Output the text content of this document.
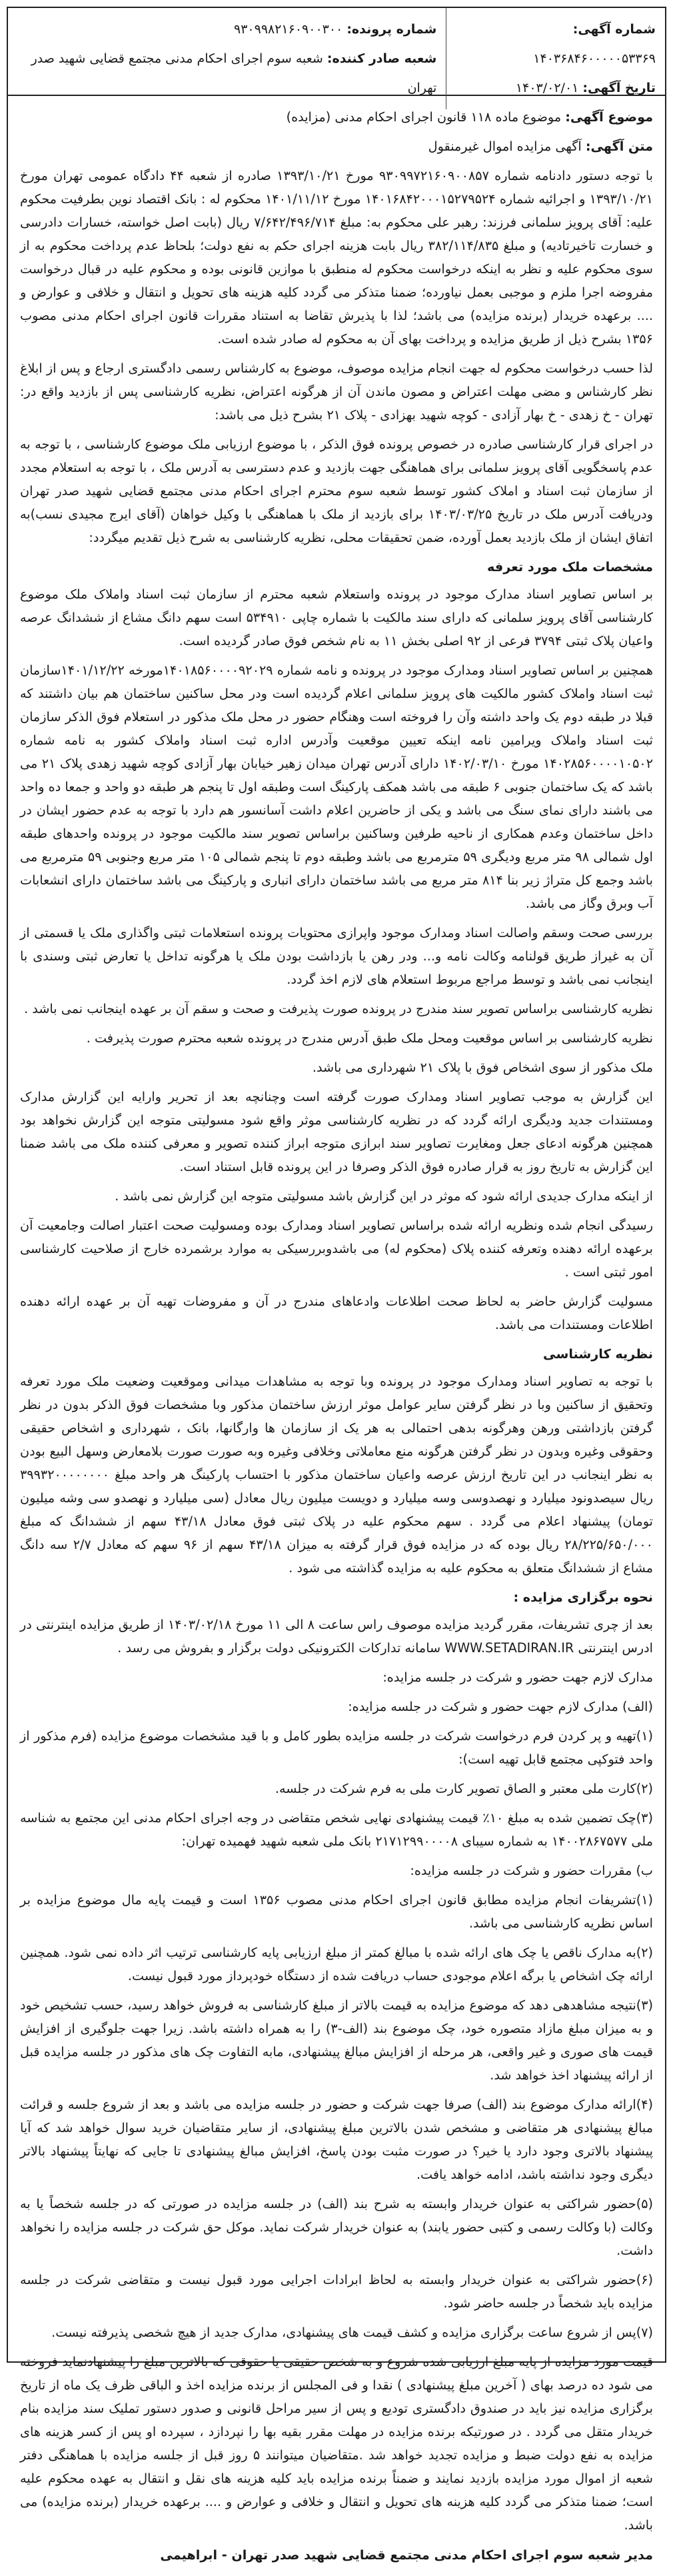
شماره آگهی: ۱۴۰۳۶۸۴۶۰۰۰۰۰۵۳۳۶۹
تاریخ آگهی: ۱۴۰۳/۰۲/۰۱
شماره پرونده: ۹۳۰۹۹۸۲۱۶۰۹۰۰۳۰۰
شعبه صادر کننده: شعبه سوم اجرای احکام مدنی مجتمع قضایی شهید صدر تهران

موضوع آگهی: موضوع ماده ۱۱۸ قانون اجرای احکام مدنی (مزایده)

متن آگهی: آگهی مزایده اموال غیرمنقول

با توجه دستور دادنامه شماره ۹۳۰۹۹۷۲۱۶۰۹۰۰۸۵۷ مورخ ۱۳۹۳/۱۰/۲۱ صادره از شعبه ۴۴ دادگاه عمومی تهران مورخ ۱۳۹۳/۱۰/۲۱ و اجرائیه شماره ۱۴۰۱۶۸۴۲۰۰۰۱۵۲۷۹۵۲۴ مورخ ۱۴۰۱/۱۱/۱۲ محکوم له : بانک اقتصاد نوین بطرفیت محکوم علیه: آقای پرویز سلمانی فرزند: رهبر علی محکوم به: مبلغ ۷/۶۴۲/۴۹۶/۷۱۴ ریال (بابت اصل خواسته، خسارات دادرسی و خسارت تاخیرتادیه) و مبلغ ۳۸۲/۱۱۴/۸۳۵ ریال بابت هزینه اجرای حکم به نفع دولت؛ بلحاظ عدم پرداخت محکوم به از سوی محکوم علیه و نظر به اینکه درخواست محکوم له منطبق با موازین قانونی بوده و محکوم علیه در قبال درخواست مفروضه اجرا ملزم و موجبی بعمل نیاورده؛ ضمنا متذکر می گردد کلیه هزینه های تحویل و انتقال و خلافی و عوارض و .... برعهده خریدار (برنده مزایده) می باشد؛ لذا با پذیرش تقاضا به استناد مقررات قانون اجرای احکام مدنی مصوب ۱۳۵۶ بشرح ذیل از طریق مزایده و پرداخت بهای آن به محکوم له صادر شده است.

لذا حسب درخواست محکوم له جهت انجام مزایده موصوف، موضوع به کارشناس رسمی دادگستری ارجاع و پس از ابلاغ نظر کارشناس و مضی مهلت اعتراض و مصون ماندن آن از هرگونه اعتراض، نظریه کارشناسی پس از بازدید واقع در: تهران - خ زهدی - خ بهار آزادی - کوچه شهید بهزادی - پلاک ۲۱ بشرح ذیل می باشد:

در اجرای قرار کارشناسی صادره در خصوص پرونده فوق الذکر ، با موضوع ارزیابی ملک موضوع کارشناسی ، با توجه به عدم پاسخگویی آقای پرویز سلمانی برای هماهنگی جهت بازدید و عدم دسترسی به آدرس ملک ، با توجه به استعلام مجدد از سازمان ثبت اسناد و املاک کشور توسط شعبه سوم محترم اجرای احکام مدنی مجتمع قضایی شهید صدر تهران ودریافت آدرس ملک در تاریخ ۱۴۰۳/۰۳/۲۵ برای بازدید از ملک با هماهنگی با وکیل خواهان (آقای ایرج مجیدی نسب)به اتفاق ایشان از ملک بازدید بعمل آورده، ضمن تحقیقات محلی، نظریه کارشناسی به شرح ذیل تقدیم میگردد:

مشخصات ملک مورد تعرفه

بر اساس تصاویر اسناد مدارک موجود در پرونده واستعلام شعبه محترم از سازمان ثبت اسناد واملاک ملک موضوع کارشناسی آقای پرویز سلمانی که دارای سند مالکیت با شماره چاپی ۵۳۴۹۱۰ است سهم دانگ مشاع از ششدانگ عرصه واعیان پلاک ثبتی ۳۷۹۴ فرعی از ۹۲ اصلی بخش ۱۱ به نام شخص فوق صادر گردیده است.

همچنین بر اساس تصاویر اسناد ومدارک موجود در پرونده و نامه شماره ۱۴۰۱۸۵۶۰۰۰۰۹۲۰۲۹مورخه ۱۴۰۱/۱۲/۲۲سازمان ثبت اسناد واملاک کشور مالکیت های پرویز سلمانی اعلام گردیده است ودر محل ساکنین ساختمان هم بیان داشتند که قبلا در طبقه دوم یک واحد داشته وآن را فروخته است وهنگام حضور در محل ملک مذکور در استعلام فوق الذکر سازمان ثبت اسناد واملاک ویرامین نامه اینکه تعیین موقعیت وآدرس اداره ثبت اسناد واملاک کشور به نامه شماره ۱۴۰۲۸۵۶۰۰۰۰۱۰۵۰۲ مورخ ۱۴۰۲/۰۳/۱۰ دارای آدرس تهران میدان زهیر خیابان بهار آزادی کوچه شهید زهدی پلاک ۲۱ می باشد که یک ساختمان جنوبی ۶ طبقه می باشد همکف پارکینگ است وطبقه اول تا پنجم هر طبقه دو واحد و جمعا ده واحد می باشند دارای نمای سنگ می باشد و یکی از حاضرین اعلام داشت آسانسور هم دارد با توجه به عدم حضور ایشان در داخل ساختمان وعدم همکاری از ناحیه طرفین وساکنین براساس تصویر سند مالکیت موجود در پرونده واحدهای طبقه اول شمالی ۹۸ متر مربع ودیگری ۵۹ مترمربع می باشد وطبقه دوم تا پنجم شمالی ۱۰۵ متر مربع وجنوبی ۵۹ مترمربع می باشد وجمع کل متراژ زیر بنا ۸۱۴ متر مربع می باشد ساختمان دارای انباری و پارکینگ می باشد ساختمان دارای انشعابات آب وبرق وگاز می باشد.

بررسی صحت وسقم واصالت اسناد ومدارک موجود واپرازی محتویات پرونده استعلامات ثبتی واگذاری ملک یا قسمتی از آن به غیراز طریق قولنامه وکالت نامه و... ودر رهن یا بازداشت بودن ملک یا هرگونه تداخل یا تعارض ثبتی وسندی با اینجانب نمی باشد و توسط مراجع مربوط استعلام های لازم اخذ گردد.

نظریه کارشناسی براساس تصویر سند مندرج در پرونده صورت پذیرفت و صحت و سقم آن بر عهده اینجانب نمی باشد .

نظریه کارشناسی بر اساس موقعیت ومحل ملک طبق آدرس مندرج در پرونده شعبه محترم صورت پذیرفت .

ملک مذکور از سوی اشخاص فوق با پلاک ۲۱ شهرداری می باشد.

این گزارش به موجب تصاویر اسناد ومدارک صورت گرفته است وچنانچه بعد از تحریر وارایه این گزارش مدارک ومستندات جدید ودیگری ارائه گردد که در نظریه کارشناسی موثر واقع شود مسولیتی متوجه این گزارش نخواهد بود همچنین هرگونه ادعای جعل ومغایرت تصاویر سند ابرازی متوجه ابراز کننده تصویر و معرفی کننده ملک می باشد ضمنا این گزارش به تاریخ روز به قرار صادره فوق الذکر وصرفا در این پرونده قابل استناد است.

از اینکه مدارک جدیدی ارائه شود که موثر در این گزارش باشد مسولیتی متوجه این گزارش نمی باشد .

رسیدگی انجام شده ونظریه ارائه شده براساس تصاویر اسناد ومدارک بوده ومسولیت صحت اعتبار اصالت وجامعیت آن برعهده ارائه دهنده وتعرفه کننده پلاک (محکوم له) می باشدوبررسیکی به موارد برشمرده خارج از صلاحیت کارشناسی امور ثبتی است .

مسولیت گزارش حاضر به لحاظ صحت اطلاعات وادعاهای مندرج در آن و مفروضات تهیه آن بر عهده ارائه دهنده اطلاعات ومستندات می باشد.

نظریه کارشناسی

با توجه به تصاویر اسناد ومدارک موجود در پرونده وبا توجه به مشاهدات میدانی وموقعیت وضعیت ملک مورد تعرفه وتحقیق از ساکنین وبا در نظر گرفتن سایر عوامل موثر ارزش ساختمان مذکور وبا مشخصات فوق الذکر بدون در نظر گرفتن بازداشتی ورهن وهرگونه بدهی احتمالی به هر یک از سازمان ها وارگانها، بانک ، شهرداری و اشخاص حقیقی وحقوقی وغیره وبدون در نظر گرفتن هرگونه منع معاملاتی وخلافی وغیره وبه صورت صورت بلامعارض وسهل البیع بودن به نظر اینجانب در این تاریخ ارزش عرصه واعیان ساختمان مذکور با احتساب پارکینگ هر واحد مبلغ ۳۹۹۳۲۰۰۰۰۰۰۰۰ ریال سیصدونود میلیارد و نهصدوسی وسه میلیارد و دویست میلیون ریال معادل (سی میلیارد و نهصدو سی وشه میلیون تومان) پیشنهاد اعلام می گردد . سهم محکوم علیه در پلاک ثبتی فوق معادل ۴۳/۱۸ سهم از ششدانگ که مبلغ ۲۸/۲۲۵/۶۵۰/۰۰۰ ریال بوده که در مزایده فوق قرار گرفته به میزان ۴۳/۱۸ سهم از ۹۶ سهم که معادل ۲/۷ سه دانگ مشاع از ششدانگ متعلق به محکوم علیه به مزایده گذاشته می شود .

نحوه برگزاری مزایده :

بعد از چری تشریفات، مقرر گردید مزایده موصوف راس ساعت ۸ الی ۱۱ مورخ ۱۴۰۳/۰۲/۱۸ از طریق مزایده اینترنتی در ادرس اینترنتی WWW.SETADIRAN.IR سامانه تدارکات الکترونیکی دولت برگزار و بفروش می رسد .

مدارک لازم جهت حضور و شرکت در جلسه مزایده:

(الف) مدارک لازم جهت حضور و شرکت در جلسه مزایده:

(۱)تهیه و پر کردن فرم درخواست شرکت در جلسه مزایده بطور کامل و با قید مشخصات موضوع مزایده (فرم مذکور از واحد فتوکپی مجتمع قابل تهیه است):

(۲)کارت ملی معتبر و الصاق تصویر کارت ملی به فرم شرکت در جلسه.

(۳)چک تضمین شده به مبلغ ۱۰٪ قیمت پیشنهادی نهایی شخص متقاضی در وجه اجرای احکام مدنی این مجتمع به شناسه ملی ۱۴۰۰۲۸۶۷۵۷۷ به شماره سیبای ۲۱۷۱۲۹۹۰۰۰۰۸ بانک ملی شعبه شهید فهمیده تهران:

ب) مقررات حضور و شرکت در جلسه مزایده:

(۱)تشریفات انجام مزایده مطابق قانون اجرای احکام مدنی مصوب ۱۳۵۶ است و قیمت پایه مال موضوع مزایده بر اساس نظریه کارشناسی می باشد.

(۲)به مدارک ناقص یا چک های ارائه شده با مبالغ کمتر از مبلغ ارزیابی پایه کارشناسی ترتیب اثر داده نمی شود. همچنین ارائه چک اشخاص یا برگه اعلام موجودی حساب دریافت شده از دستگاه خودپرداز مورد قبول نیست.

(۳)نتیجه مشاهدهی دهد که موضوع مزایده به قیمت بالاتر از مبلغ کارشناسی به فروش خواهد رسید، حسب تشخیص خود و به میزان مبلغ مازاد متصوره خود، چک موضوع بند (الف-۳) را به همراه داشته باشد. زیرا جهت جلوگیری از افزایش قیمت های صوری و غیر واقعی، هر مرحله از افزایش مبالغ پیشنهادی، مابه التفاوت چک های مذکور در جلسه مزایده قبل از ارائه پیشنهاد اخذ خواهد شد.

(۴)ارائه مدارک موضوع بند (الف) صرفا جهت شرکت و حضور در جلسه مزایده می باشد و بعد از شروع جلسه و قرائت مبالغ پیشنهادی هر متقاضی و مشخص شدن بالاترین مبلغ پیشنهادی، از سایر متقاضیان خرید سوال خواهد شد که آیا پیشنهاد بالاتری وجود دارد یا خیر؟ در صورت مثبت بودن پاسخ، افزایش مبالغ پیشنهادی تا جایی که نهایتاً پیشنهاد بالاتر دیگری وجود نداشته باشد، ادامه خواهد یافت.

(۵)حضور شراکتی به عنوان خریدار وابسته به شرح بند (الف) در جلسه مزایده در صورتی که در جلسه شخصاً یا به وکالت (با وکالت رسمی و کتبی حضور یابند) به عنوان خریدار شرکت نماید. موکل حق شرکت در جلسه مزایده را نخواهد داشت.

(۶)حضور شراکتی به عنوان خریدار وابسته به لحاظ ابرادات اجرایی مورد قبول نیست و متقاضی شرکت در جلسه مزایده باید شخصاً در جلسه حاضر شود.

(۷)پس از شروع ساعت برگزاری مزایده و کشف قیمت های پیشنهادی، مدارک جدید از هیچ شخصی پذیرفته نیست.

قیمت مورد مزایده از پایه مبلغ ارزیابی شده شروع و به شخص حقیقی یا حقوقی که بالاترین مبلغ را پیشنهادنماید فروخته می شود ده درصد بهای ( آخرین مبلغ پیشنهادی ) نقدا و فی المجلس از برنده مزایده اخذ و الباقی ظرف یک ماه از تاریخ برگزاری مزایده نیز باید در صندوق دادگستری تودیع و پس از سیر مراحل قانونی و صدور دستور تملیک سند مزایده بنام خریدار متقل می گردد . در صورتیکه برنده مزایده در مهلت مقرر بقیه بها را نپردازد ، سپرده او پس از کسر هزینه های مزایده به نفع دولت ضبط و مزایده تجدید خواهد شد .متقاضیان میتوانند ۵ روز قبل از جلسه مزایده با هماهنگی دفتر شعبه از اموال مورد مزایده بازدید نمایند و ضمناً برنده مزایده باید کلیه هزینه های نقل و انتقال به عهده محکوم علیه است؛ ضمنا متذکر می گردد کلیه هزینه های تحویل و انتقال و خلافی و عوارض و .... برعهده خریدار (برنده مزایده) می باشد.

مدیر شعبه سوم اجرای احکام مدنی مجتمع قضایی شهید صدر تهران - ابراهیمی
